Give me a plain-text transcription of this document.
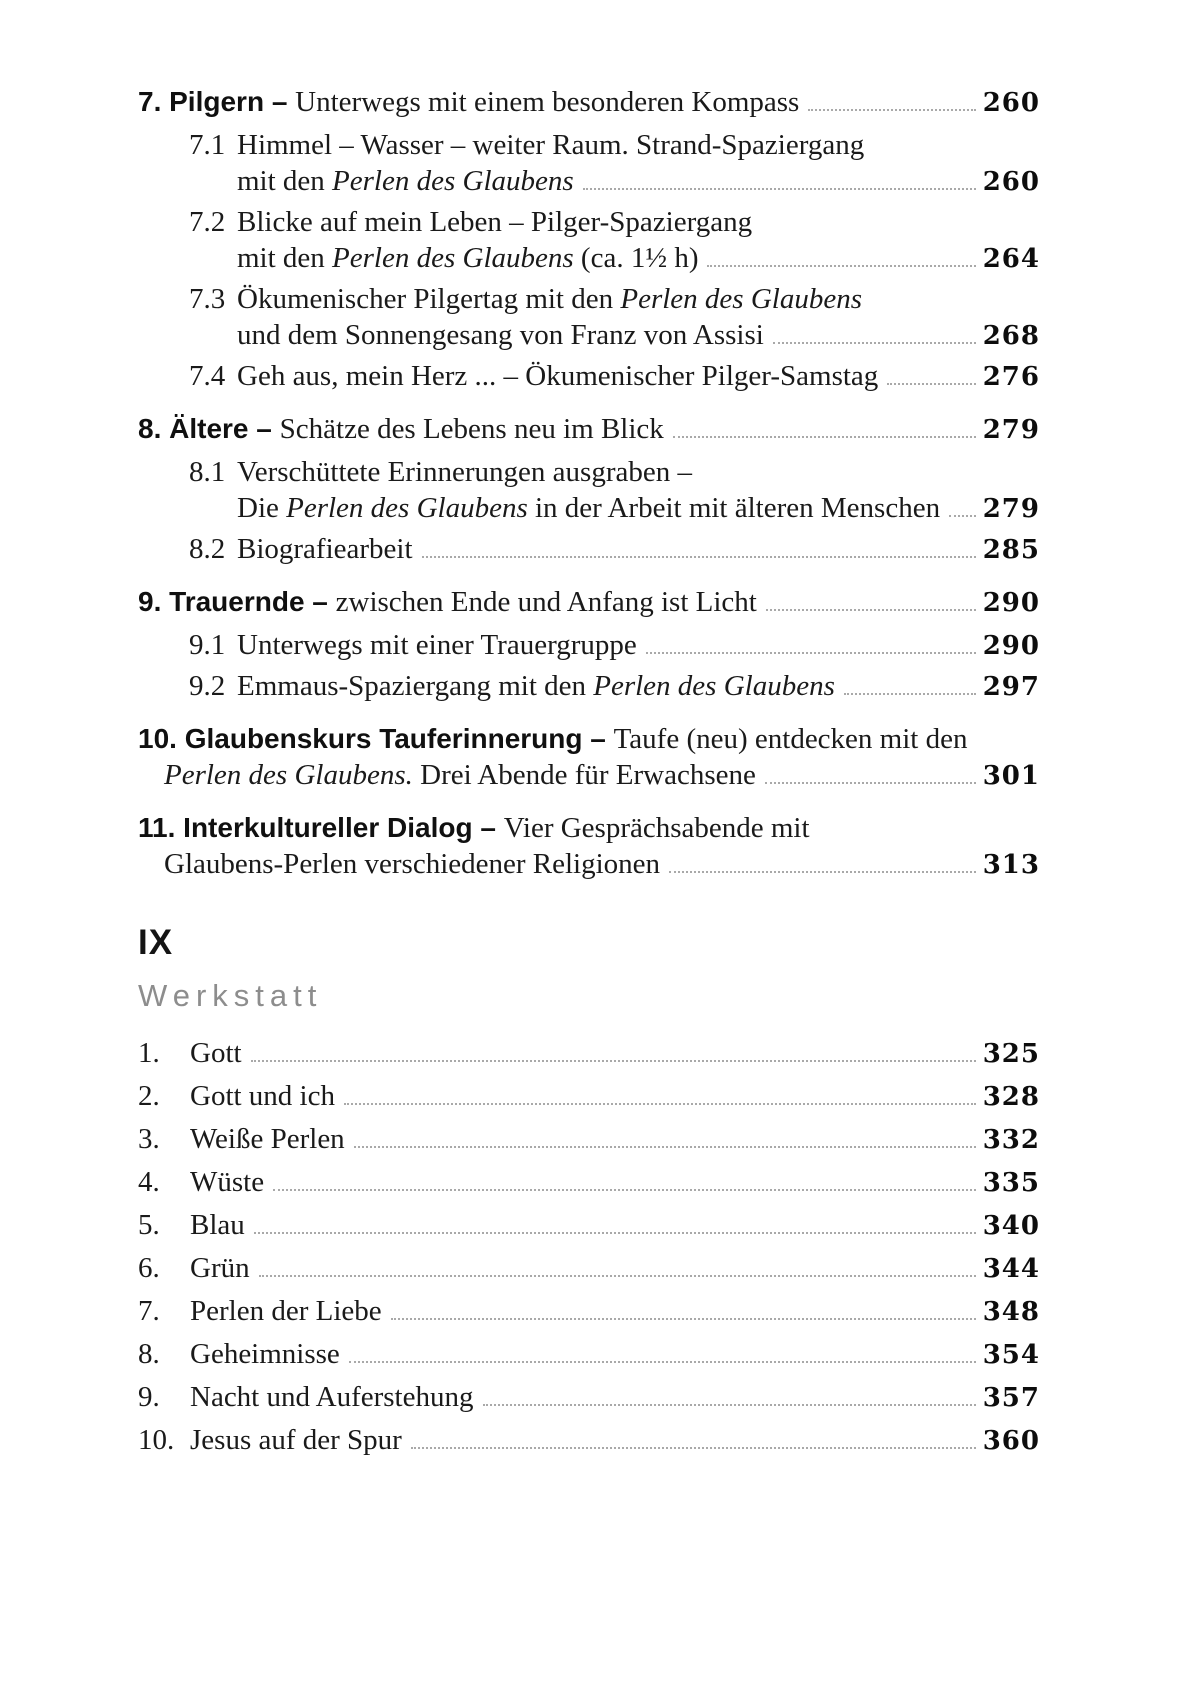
7. Pilgern – Unterwegs mit einem besonderen Kompass	260
7.1 Himmel – Wasser – weiter Raum. Strand-Spaziergang
mit den Perlen des Glaubens	260
7.2 Blicke auf mein Leben – Pilger-Spaziergang
mit den Perlen des Glaubens (ca. 1½ h)	264
7.3 Ökumenischer Pilgertag mit den Perlen des Glaubens
und dem Sonnengesang von Franz von Assisi	268
7.4 Geh aus, mein Herz ... – Ökumenischer Pilger-Samstag	276
8. Ältere – Schätze des Lebens neu im Blick	279
8.1 Verschüttete Erinnerungen ausgraben –
Die Perlen des Glaubens in der Arbeit mit älteren Menschen 279
8.2 Biografiearbeit	285
9. Trauernde – zwischen Ende und Anfang ist Licht	290
9.1 Unterwegs mit einer Trauergruppe	290
9.2 Emmaus-Spaziergang mit den Perlen des Glaubens	297
10. Glaubenskurs Tauferinnerung – Taufe (neu) entdecken mit den
Perlen des Glaubens. Drei Abende für Erwachsene	301
11. Interkultureller Dialog – Vier Gesprächsabende mit
Glaubens-Perlen verschiedener Religionen	313
IX
Werkstatt
1.	Gott	325
2.	Gott und ich	328
3.	Weiße Perlen	332
4.	Wüste	335
5.	Blau	340
6.	Grün	344
7.	Perlen der Liebe	348
8.	Geheimnisse	354
9.	Nacht und Auferstehung	357
10. Jesus auf der Spur	360
